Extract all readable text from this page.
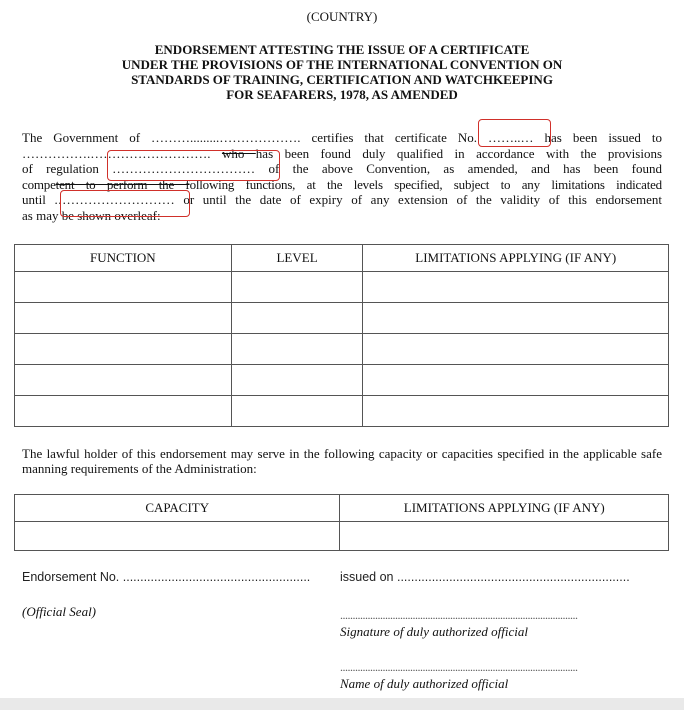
(COUNTRY)
ENDORSEMENT ATTESTING THE ISSUE OF A CERTIFICATE
UNDER THE PROVISIONS OF THE INTERNATIONAL CONVENTION ON
STANDARDS OF TRAINING, CERTIFICATION AND WATCHKEEPING
FOR SEAFARERS, 1978, AS AMENDED
The Government of ……….........………………. certifies that certificate No. ……..… has been issued to
…………….………………………. who has been found duly qualified in accordance with the provisions
of regulation …………………………… of the above Convention, as amended, and has been found
competent to perform the following functions, at the levels specified, subject to any limitations indicated
until .……………………… or until the date of expiry of any extension of the validity of this endorsement
as may be shown overleaf:
FUNCTION	LEVEL	LIMITATIONS APPLYING (IF ANY)

The lawful holder of this endorsement may serve in the following capacity or capacities specified in the applicable safe manning requirements of the Administration:
CAPACITY	LIMITATIONS APPLYING (IF ANY)

Endorsement No. ...................................................... issued on ...................................................................
(Official Seal)	...............................................................................................
Signature of duly authorized official
...............................................................................................
Name of duly authorized official
